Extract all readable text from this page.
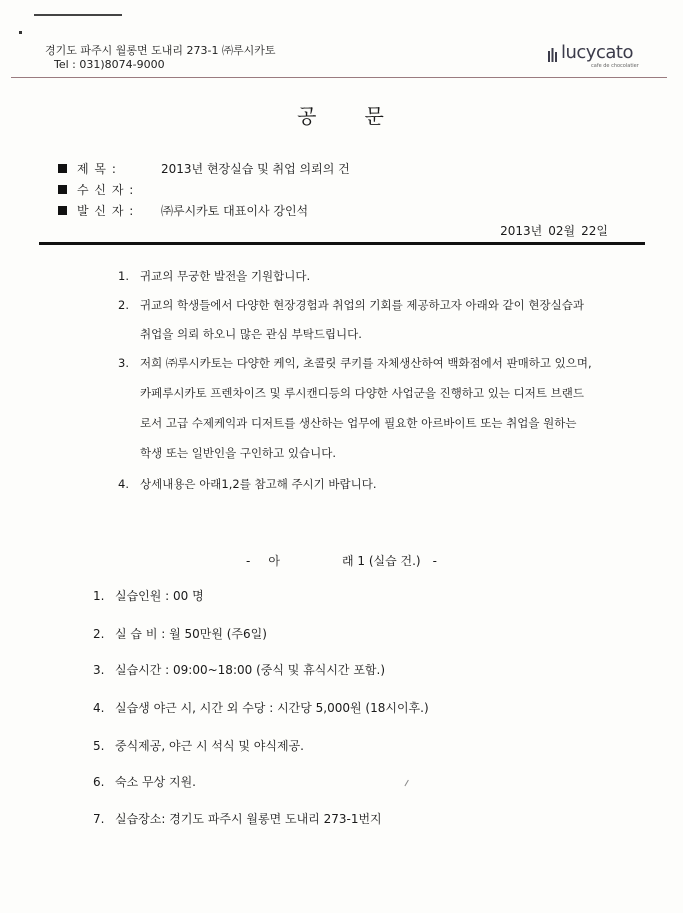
경기도 파주시 월롱면 도내리 273-1 ㈜루시카토
Tel : 031)8074-9000
lucycato
cafe de chocolatier
공 문
제 목 :	2013년 현장실습 및 취업 의뢰의 건
수 신 자 :
발 신 자 :	㈜루시카토 대표이사 강인석
2013년 02월 22일
1. 귀교의 무궁한 발전을 기원합니다.
2. 귀교의 학생들에서 다양한 현장경험과 취업의 기회를 제공하고자 아래와 같이 현장실습과
취업을 의뢰 하오니 많은 관심 부탁드립니다.
3. 저희 ㈜루시카토는 다양한 케익, 초콜릿 쿠키를 자체생산하여 백화점에서 판매하고 있으며,
카페루시카토 프렌차이즈 및 루시캔디등의 다양한 사업군을 진행하고 있는 디저트 브랜드
로서 고급 수제케익과 디저트를 생산하는 업무에 필요한 아르바이트 또는 취업을 원하는
학생 또는 일반인을 구인하고 있습니다.
4. 상세내용은 아래1,2를 참고해 주시기 바랍니다.
- 아	래 1 (실습 건.) -
1. 실습인원 : 00 명
2. 실 습 비 : 월 50만원 (주6일)
3. 실습시간 : 09:00~18:00 (중식 및 휴식시간 포함.)
4. 실습생 야근 시, 시간 외 수당 : 시간당 5,000원 (18시이후.)
5. 중식제공, 야근 시 석식 및 야식제공.
6. 숙소 무상 지원.
7. 실습장소: 경기도 파주시 월롱면 도내리 273-1번지
